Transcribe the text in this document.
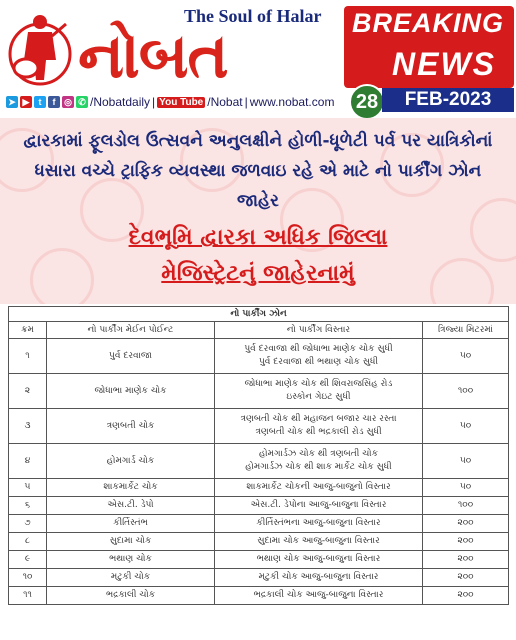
The Soul of Halar
નોબત	BREAKING
NEWS
➤ ▶	t	f ◎ ✆ /Nobatdaily | You Tube /Nobat | www.nobat.com	28	FEB-2023
દ્વારકામાં ફૂલડોલ ઉત્સવને અનુલક્ષીને હોળી-ધૂળેટી પર્વ પર યાત્રિકોનાં ધસારા વચ્ચે ટ્રાફિક વ્યવસ્થા જળવાઇ રહે એ માટે નો પાર્કીંગ ઝોન જાહેર
દેવભૂમિ દ્વારકા અધિક જિલ્લા
મેજિસ્ટ્રેટનું જાહેરનામું
નો પાર્કીંગ ઝોન			
ક્રમ	નો પાર્કીંગ મેઈન પોઈન્ટ	નો પાર્કીંગ વિસ્તાર	ત્રિજ્યા મિટરમાં
૧	પુર્વ દરવાજા	પુર્વ દરવાજા થી જોધાભા માણેક ચોક સુધી
પુર્વ દરવાજા થી ભથાણ ચોક સુધી	૫૦
૨	જોધાભા માણેક ચોક	જોધાભા માણેક ચોક થી શિવરાજસિંહ રોડ
ઇસ્કોન ગેઇટ સુધી	૧૦૦
૩	ત્રણબતી ચોક	ત્રણબતી ચોક થી મહાજન બજાર ચાર રસ્તા
ત્રણબતી ચોક થી ભદ્રકાલી રોડ સુધી	૫૦
૪	હોમગાર્ડ ચોક	હોમગાર્ડઝ ચોક થી ત્રણબતી ચોક
હોમગાર્ડઝ ચોક થી શાક માર્કેટ ચોક સુધી	૫૦
૫	શાકમાર્કેટ ચોક	શાકમાર્કેટ ચોકની આજુ-બાજુનો વિસ્તાર	૫૦
૬	એસ.ટી. ડેપો	એસ.ટી. ડેપોના આજુ-બાજુના વિસ્તાર	૧૦૦
૭	કીર્તિસ્તંભ	કીર્તિસ્તંભના આજુ-બાજુના વિસ્તાર	૨૦૦
૮	સુદામા ચોક	સુદામા ચોક આજુ-બાજુના વિસ્તાર	૨૦૦
૯	ભથાણ ચોક	ભથાણ ચોક આજુ-બાજુના વિસ્તાર	૨૦૦
૧૦	મટુકી ચોક	મટુકી ચોક આજુ-બાજુના વિસ્તાર	૨૦૦
૧૧	ભદ્રકાલી ચોક	ભદ્રકાલી ચોક આજુ-બાજુના વિસ્તાર	૨૦૦
